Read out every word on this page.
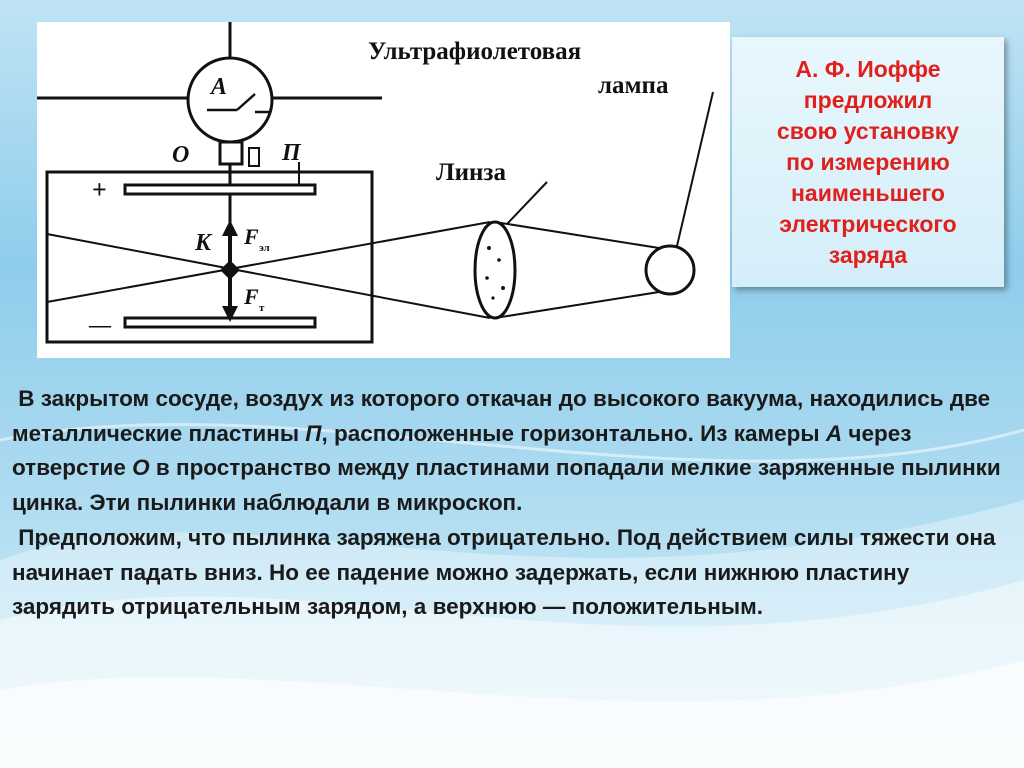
Ультрафиолетовая
лампа
Линза
A
O	П
K
+
—
F эл
F т

А. Ф. Иоффе
предложил
свою установку
по измерению
наименьшего
электрического
заряда

В закрытом сосуде, воздух из которого откачан до высокого вакуума, находились две металлические пластины П, расположенные горизонтально. Из камеры А через отверстие О в пространство между пластинами попадали мелкие заряженные пылинки цинка. Эти пылинки наблюдали в микроскоп.

Предположим, что пылинка заряжена отрицательно. Под действием силы тяжести она начинает падать вниз. Но ее падение можно задержать, если нижнюю пластину зарядить отрицательным зарядом, а верхнюю — положительным.
